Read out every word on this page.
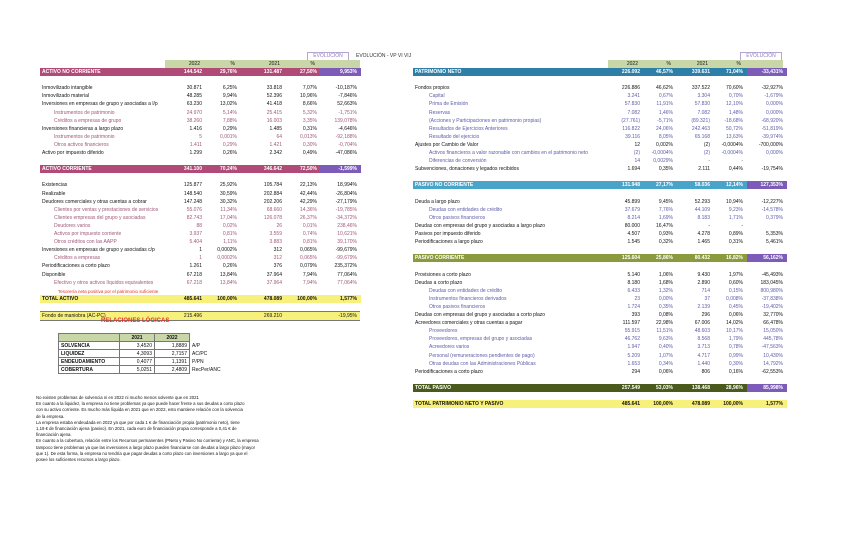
EVOLUCIÓN	EVOLUCIÓN - VP VI VIJ	EVOLUCIÓN
2022	%	2021	%
ACTIVO NO CORRIENTE	144.542	29,76%	131.487	27,50%	9,953%
Inmovilizado intangible	30.871	6,25%	33.818	7,07%	-10,187%
Inmovilizado material	48.285	9,94%	52.396	10,96%	-7,846%
Inversiones en empresas de grupo y asociadas a l/p	63.230	13,02%	41.418	8,66%	52,663%
Instrumentos de patrimonio	24.970	5,14%	25.415	5,32%	-1,751%
Créditos a empresas de grupo	38.260	7,88%	16.003	3,35%	139,078%
Inversiones financieras a largo plazo	1.416	0,29%	1.485	0,31%	-4,646%
Instrumentos de patrimonio	5	0,001%	64	0,013%	-92,188%
Otros activos financieros	1.411	0,29%	1.421	0,30%	-0,704%
Activo por impuesto diferido	1.299	0,26%	2.342	0,49%	-47,086%
ACTIVO CORRIENTE	341.100	70,24%	346.642	72,50%	-1,599%
Existencias	125.877	25,92%	105.784	22,13%	18,994%
Realizable	148.540	30,59%	202.884	42,44%	-26,804%
Deudores comerciales y otras cuentas a cobrar	147.248	30,32%	202.206	42,29%	-27,179%
Clientes por ventas y prestaciones de servicios	55.076	11,34%	68.660	14,36%	-19,785%
Clientes empresas del grupo y asociadas	82.743	17,04%	126.078	26,37%	-34,372%
Deudores varios	88	0,02%	26	0,01%	238,46%
Activos por impuesto corriente	3.937	0,81%	3.559	0,74%	10,621%
Otros créditos con las AAPP	5.404	1,11%	3.883	0,81%	39,170%
Inversiones en empresas de grupo y asociadas c/p	1	0,0002%	312	0,065%	-99,679%
Créditos a empresas	1	0,0002%	312	0,065%	-99,679%
Periodificaciones a corto plazo	1.261	0,26%	376	0,079%	235,372%
Disponible	67.218	13,84%	37.964	7,94%	77,064%
Efectivo y otros activos líquidos equivalentes	67.218	13,84%	37.964	7,94%	77,064%
TOTAL ACTIVO	485.641	100,00%	478.089	100,00%	1,577%
Fondo de maniobra (AC-PC)	215.496	269.210	-19,95%
Tesorería neta positiva por el patrimonio suficiente
2022	%	2021	%
PATRIMONIO NETO	226.092	46,57%	339.631	71,04%	-33,431%
Fondos propios	226.886	46,62%	337.522	70,60%	-32,927%
Capital	3.241	0,67%	3.304	0,70%	-1,679%
Prima de Emisión	57.830	11,91%	57.830	12,10%	0,000%
Reservas	7.082	1,46%	7.082	1,48%	0,000%
(Acciones y Participaciones en patrimonio propias)	(27.761)	-5,71%	(89.321)	-18,68%	-68,920%
Resultados de Ejercicios Anteriores	116.822	24,06%	242.463	50,72%	-51,819%
Resultado del ejercicio	39.116	8,05%	65.168	13,63%	-39,974%
Ajustes por Cambio de Valor	12	0,002%	(2)	-0,0004%	-700,000%
Activos financieros a valor razonable con cambios en el patrimonio neto	(2)	-0,0004%	(2)	-0,0004%	0,000%
Diferencias de conversión	14	0,0029%	-	-
Subvenciones, donaciones y legados recibidos	1.694	0,35%	2.111	0,44%	-19,754%
PASIVO NO CORRIENTE	131.948	27,17%	58.036	12,14%	127,353%
Deuda a largo plazo	45.899	9,45%	52.293	10,94%	-12,227%
Deudas con entidades de crédito	37.679	7,76%	44.109	9,23%	-14,578%
Otros pasivos financieros	8.214	1,69%	8.183	1,71%	0,379%
Deudas con empresas del grupo y asociadas a largo plazo	80.000	16,47%	-	-
Pasivos por impuesto diferido	4.507	0,93%	4.278	0,89%	5,353%
Periodificaciones a largo plazo	1.545	0,32%	1.465	0,31%	5,461%
PASIVO CORRIENTE	125.604	25,86%	80.432	16,82%	56,162%
Provisiones a corto plazo	5.140	1,06%	9.430	1,97%	-45,493%
Deudas a corto plazo	8.180	1,68%	2.890	0,60%	183,045%
Deudas con entidades de crédito	6.433	1,32%	714	0,15%	800,980%
Instrumentos financieros derivados	23	0,00%	37	0,008%	-37,838%
Otros pasivos financieros	1.724	0,35%	2.139	0,45%	-19,402%
Deudas con empresas del grupo y asociadas a corto plazo	393	0,08%	296	0,06%	32,770%
Acreedores comerciales y otras cuentas a pagar	111.597	22,98%	67.006	14,02%	66,478%
Proveedores	55.915	11,51%	48.603	10,17%	15,050%
Proveedores, empresas del grupo y asociadas	46.762	9,63%	8.568	1,79%	445,78%
Acreedores varios	1.947	0,40%	3.713	0,78%	-47,563%
Personal (remuneraciones pendientes de pago)	5.209	1,07%	4.717	0,99%	10,430%
Otras deudas con las Administraciones Públicas	1.653	0,34%	1.440	0,30%	14,792%
Periodificaciones a corto plazo	294	0,06%	806	0,16%	-62,553%
TOTAL PASIVO	257.549	53,03%	138.468	28,96%	85,998%
TOTAL PATRIMONIO NETO Y PASIVO	485.641	100,00%	478.089	100,00%	1,577%
RELACIONES LÓGICAS
	2021	2022	
SOLVENCIA	3,4520	1,8889	A/P
LIQUIDEZ	4,3093	2,7157	AC/PC
ENDEUDAMIENTO	0,4077	1,1391	P/PN
COBERTURA	5,0251	2,4809	RecPer/ANC
No existen problemas de solvencia ni en 2022 ni mucho menos solvente que en 2021
En cuanto a la liquidez, la empresa no tiene problemas ya que puede hacer frente a sus deudas a corto plazo
con su activo corriente. Es mucho más líquida en 2021 que en 2022, esto mantiene relación con la solvencia
de la empresa.
La empresa estaba endeudada en 2022 ya que por cada 1 € de financiación propia (patrimonio neto), tiene
1,19 € de financiación ajena (pasivo). En 2021, cada euro de financiación propia corresponde a 0,41 € de
financiación ajena.
En cuanto a la cobertura, relación entre los Recursos permanentes (PNeto y Pasivo No corriente) y ANC, la empresa
tampoco tiene problemas ya que las inversiones a largo plazo pueden financiarse con deudas a largo plazo (mayor
que 1). De esta forma, la empresa no tendría que pagar deudas a corto plazo con inversiones a largo ya que el
posee los suficientes recursos a largo plazo.
